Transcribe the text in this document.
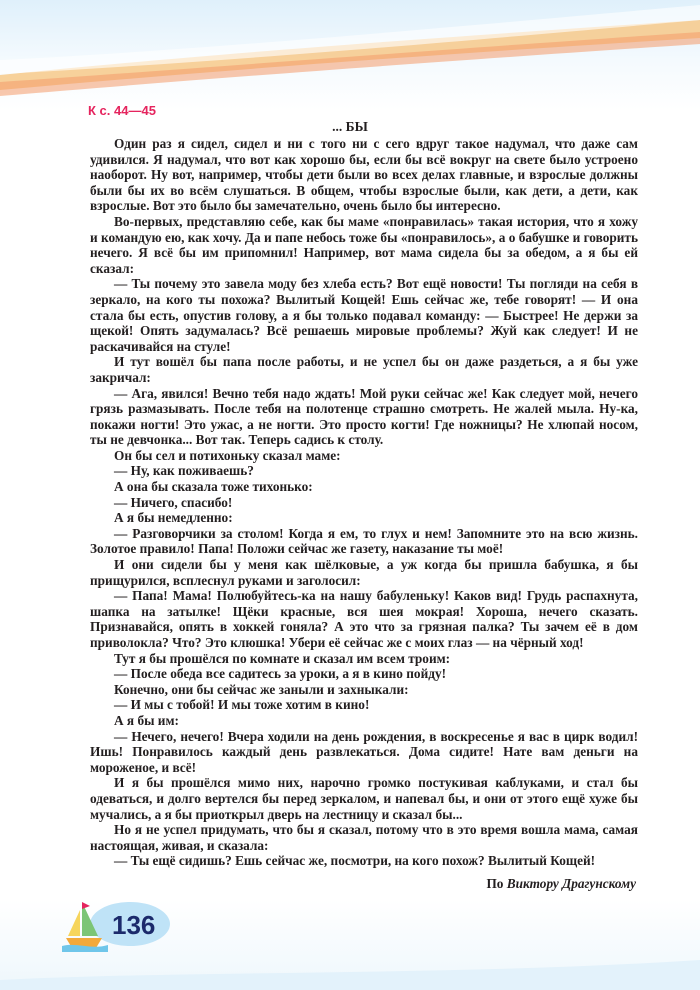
К с. 44—45
... БЫ

Один раз я сидел, сидел и ни с того ни с сего вдруг такое надумал, что даже сам удивился. Я надумал, что вот как хорошо бы, если бы всё вокруг на свете было устроено наоборот. Ну вот, например, чтобы дети были во всех делах главные, и взрослые должны были бы их во всём слушаться. В общем, чтобы взрослые были, как дети, а дети, как взрослые. Вот это было бы замечательно, очень было бы интересно.

Во-первых, представляю себе, как бы маме «понравилась» такая история, что я хожу и командую ею, как хочу. Да и папе небось тоже бы «понравилось», а о бабушке и говорить нечего. Я всё бы им припомнил! Например, вот мама сидела бы за обедом, а я бы ей сказал:

— Ты почему это завела моду без хлеба есть? Вот ещё новости! Ты погляди на себя в зеркало, на кого ты похожа? Вылитый Кощей! Ешь сейчас же, тебе говорят! — И она стала бы есть, опустив голову, а я бы только подавал команду: — Быстрее! Не держи за щекой! Опять задумалась? Всё решаешь мировые проблемы? Жуй как следует! И не раскачивайся на стуле!

И тут вошёл бы папа после работы, и не успел бы он даже раздеться, а я бы уже закричал:

— Ага, явился! Вечно тебя надо ждать! Мой руки сейчас же! Как следует мой, нечего грязь размазывать. После тебя на полотенце страшно смотреть. Не жалей мыла. Ну-ка, покажи ногти! Это ужас, а не ногти. Это просто когти! Где ножницы? Не хлюпай носом, ты не девчонка... Вот так. Теперь садись к столу.

Он бы сел и потихоньку сказал маме:

— Ну, как поживаешь?

А она бы сказала тоже тихонько:

— Ничего, спасибо!

А я бы немедленно:

— Разговорчики за столом! Когда я ем, то глух и нем! Запомните это на всю жизнь. Золотое правило! Папа! Положи сейчас же газету, наказание ты моё!

И они сидели бы у меня как шёлковые, а уж когда бы пришла бабушка, я бы прищурился, всплеснул руками и заголосил:

— Папа! Мама! Полюбуйтесь-ка на нашу бабуленьку! Каков вид! Грудь распахнута, шапка на затылке! Щёки красные, вся шея мокрая! Хороша, нечего сказать. Признавайся, опять в хоккей гоняла? А это что за грязная палка? Ты зачем её в дом приволокла? Что? Это клюшка! Убери её сейчас же с моих глаз — на чёрный ход!

Тут я бы прошёлся по комнате и сказал им всем троим:

— После обеда все садитесь за уроки, а я в кино пойду!

Конечно, они бы сейчас же заныли и захныкали:

— И мы с тобой! И мы тоже хотим в кино!

А я бы им:

— Нечего, нечего! Вчера ходили на день рождения, в воскресенье я вас в цирк водил! Ишь! Понравилось каждый день развлекаться. Дома сидите! Нате вам деньги на мороженое, и всё!

И я бы прошёлся мимо них, нарочно громко постукивая каблуками, и стал бы одеваться, и долго вертелся бы перед зеркалом, и напевал бы, и они от этого ещё хуже бы мучались, а я бы приоткрыл дверь на лестницу и сказал бы...

Но я не успел придумать, что бы я сказал, потому что в это время вошла мама, самая настоящая, живая, и сказала:

— Ты ещё сидишь? Ешь сейчас же, посмотри, на кого похож? Вылитый Кощей!

По Виктору Драгунскому
136
